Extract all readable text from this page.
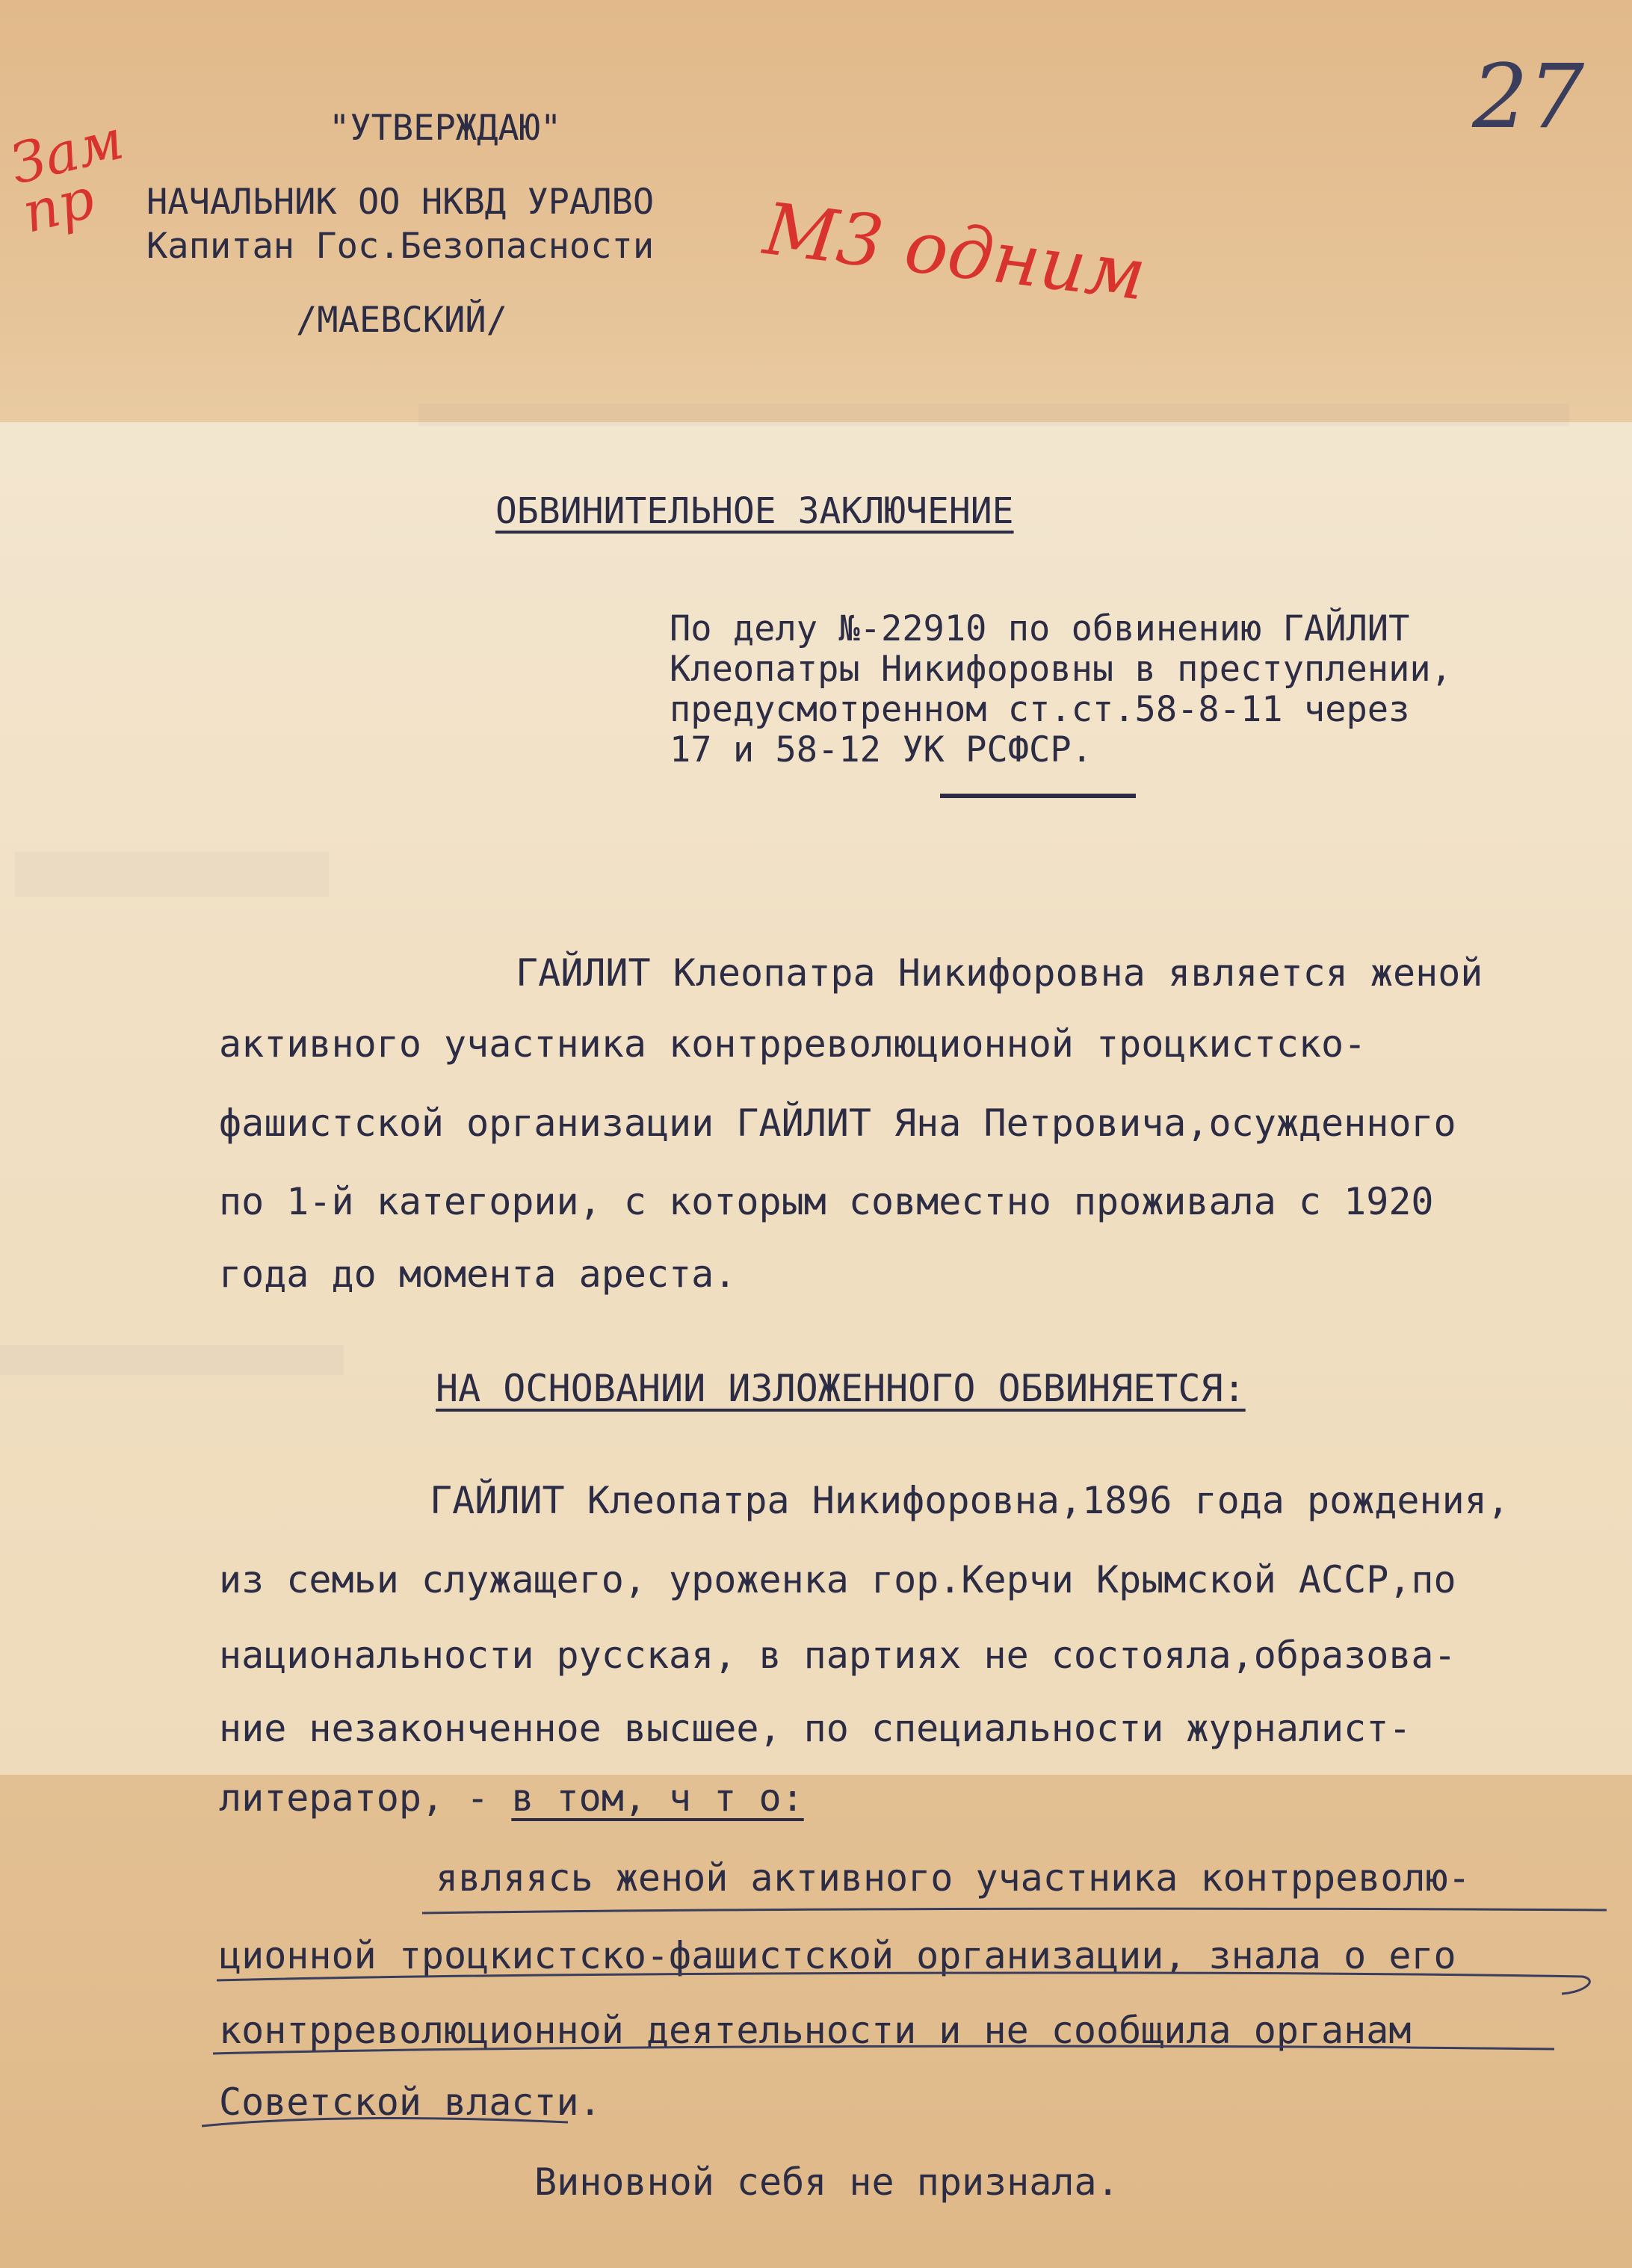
27
"УТВЕРЖДАЮ"
НАЧАЛЬНИК ОО НКВД УРАЛВО
Капитан Гос.Безопасности
/МАЕВСКИЙ/
Зам пр	М3 одним
ОБВИНИТЕЛЬНОЕ ЗАКЛЮЧЕНИЕ
По делу №-22910 по обвинению ГАЙЛИТ
Клеопатры Никифоровны в преступлении,
предусмотренном ст.ст.58-8-11 через
17 и 58-12 УК РСФСР.
ГАЙЛИТ Клеопатра Никифоровна является женой
активного участника контрреволюционной троцкистско-
фашистской организации ГАЙЛИТ Яна Петровича,осужденного
по 1-й категории, с которым совместно проживала с 1920
года до момента ареста.
НА ОСНОВАНИИ ИЗЛОЖЕННОГО ОБВИНЯЕТСЯ:
ГАЙЛИТ Клеопатра Никифоровна,1896 года рождения,
из семьи служащего, уроженка гор.Керчи Крымской АССР,по
национальности русская, в партиях не состояла,образова-
ние незаконченное высшее, по специальности журналист-
литератор, - в том, ч т о:
являясь женой активного участника контрреволю-
ционной троцкистско-фашистской организации, знала о его
контрреволюционной деятельности и не сообщила органам
Советской власти.
Виновной себя не признала.
